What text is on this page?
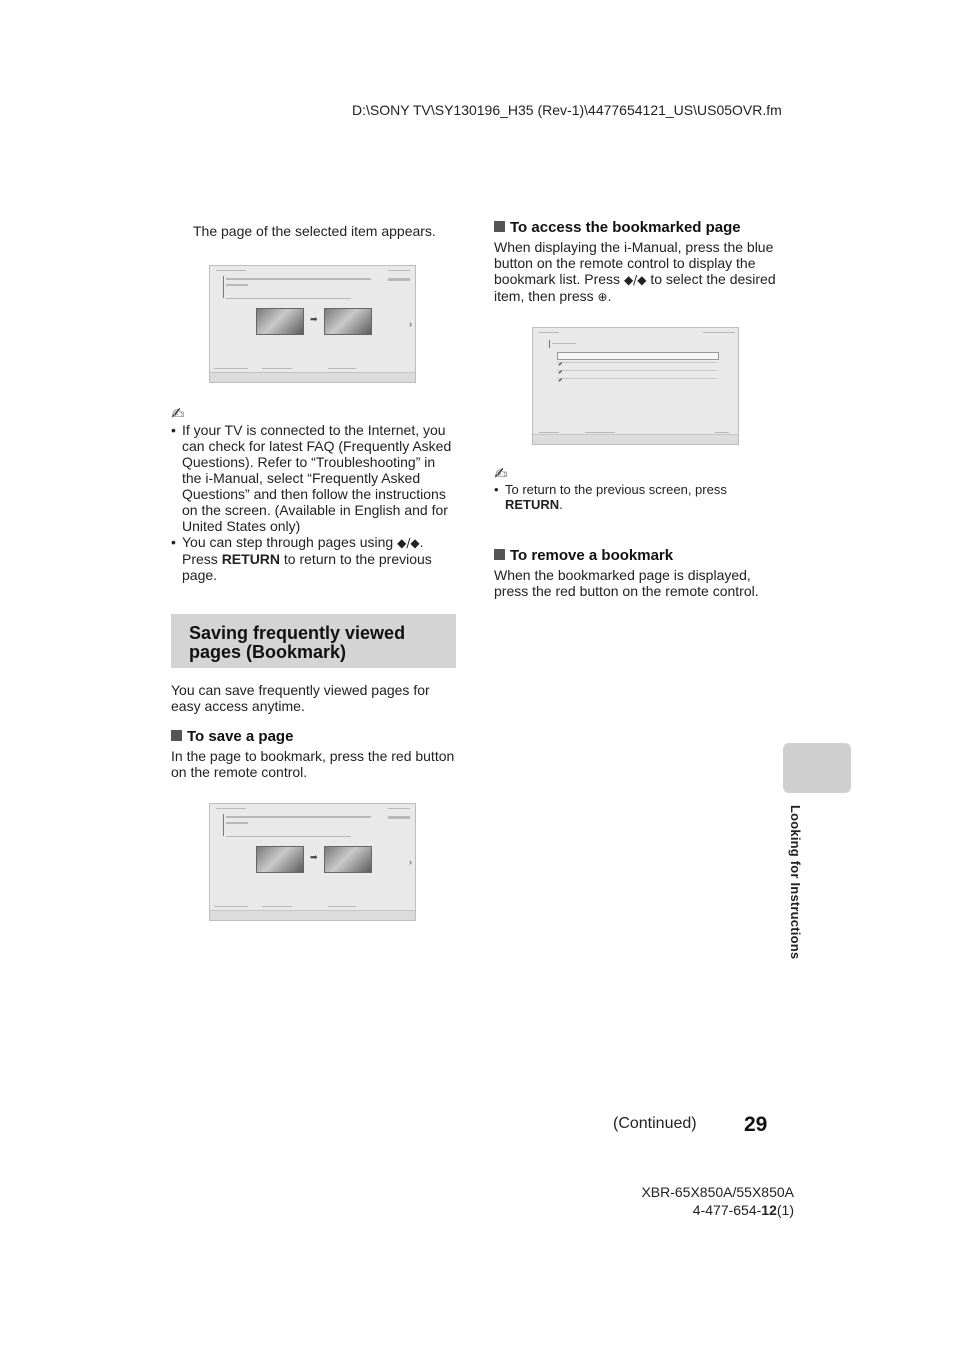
D:\SONY TV\SY130196_H35 (Rev-1)\4477654121_US\US05OVR.fm
The page of the selected item appears.
➡	›
✍
• If your TV is connected to the Internet, you can check for latest FAQ (Frequently Asked Questions). Refer to “Troubleshooting” in the i-Manual, select “Frequently Asked Questions” and then follow the instructions on the screen. (Available in English and for United States only)
• You can step through pages using ◆/◆. Press RETURN to return to the previous page.
Saving frequently viewed pages (Bookmark)
You can save frequently viewed pages for easy access anytime.
To save a page
In the page to bookmark, press the red button on the remote control.
➡	›
To access the bookmarked page
When displaying the i-Manual, press the blue button on the remote control to display the bookmark list. Press ◆/◆ to select the desired item, then press ⊕.
✔
✔
✔
✍
• To return to the previous screen, press RETURN.
To remove a bookmark
When the bookmarked page is displayed, press the red button on the remote control.
Looking for Instructions
(Continued) 29
XBR-65X850A/55X850A
4-477-654-12(1)
